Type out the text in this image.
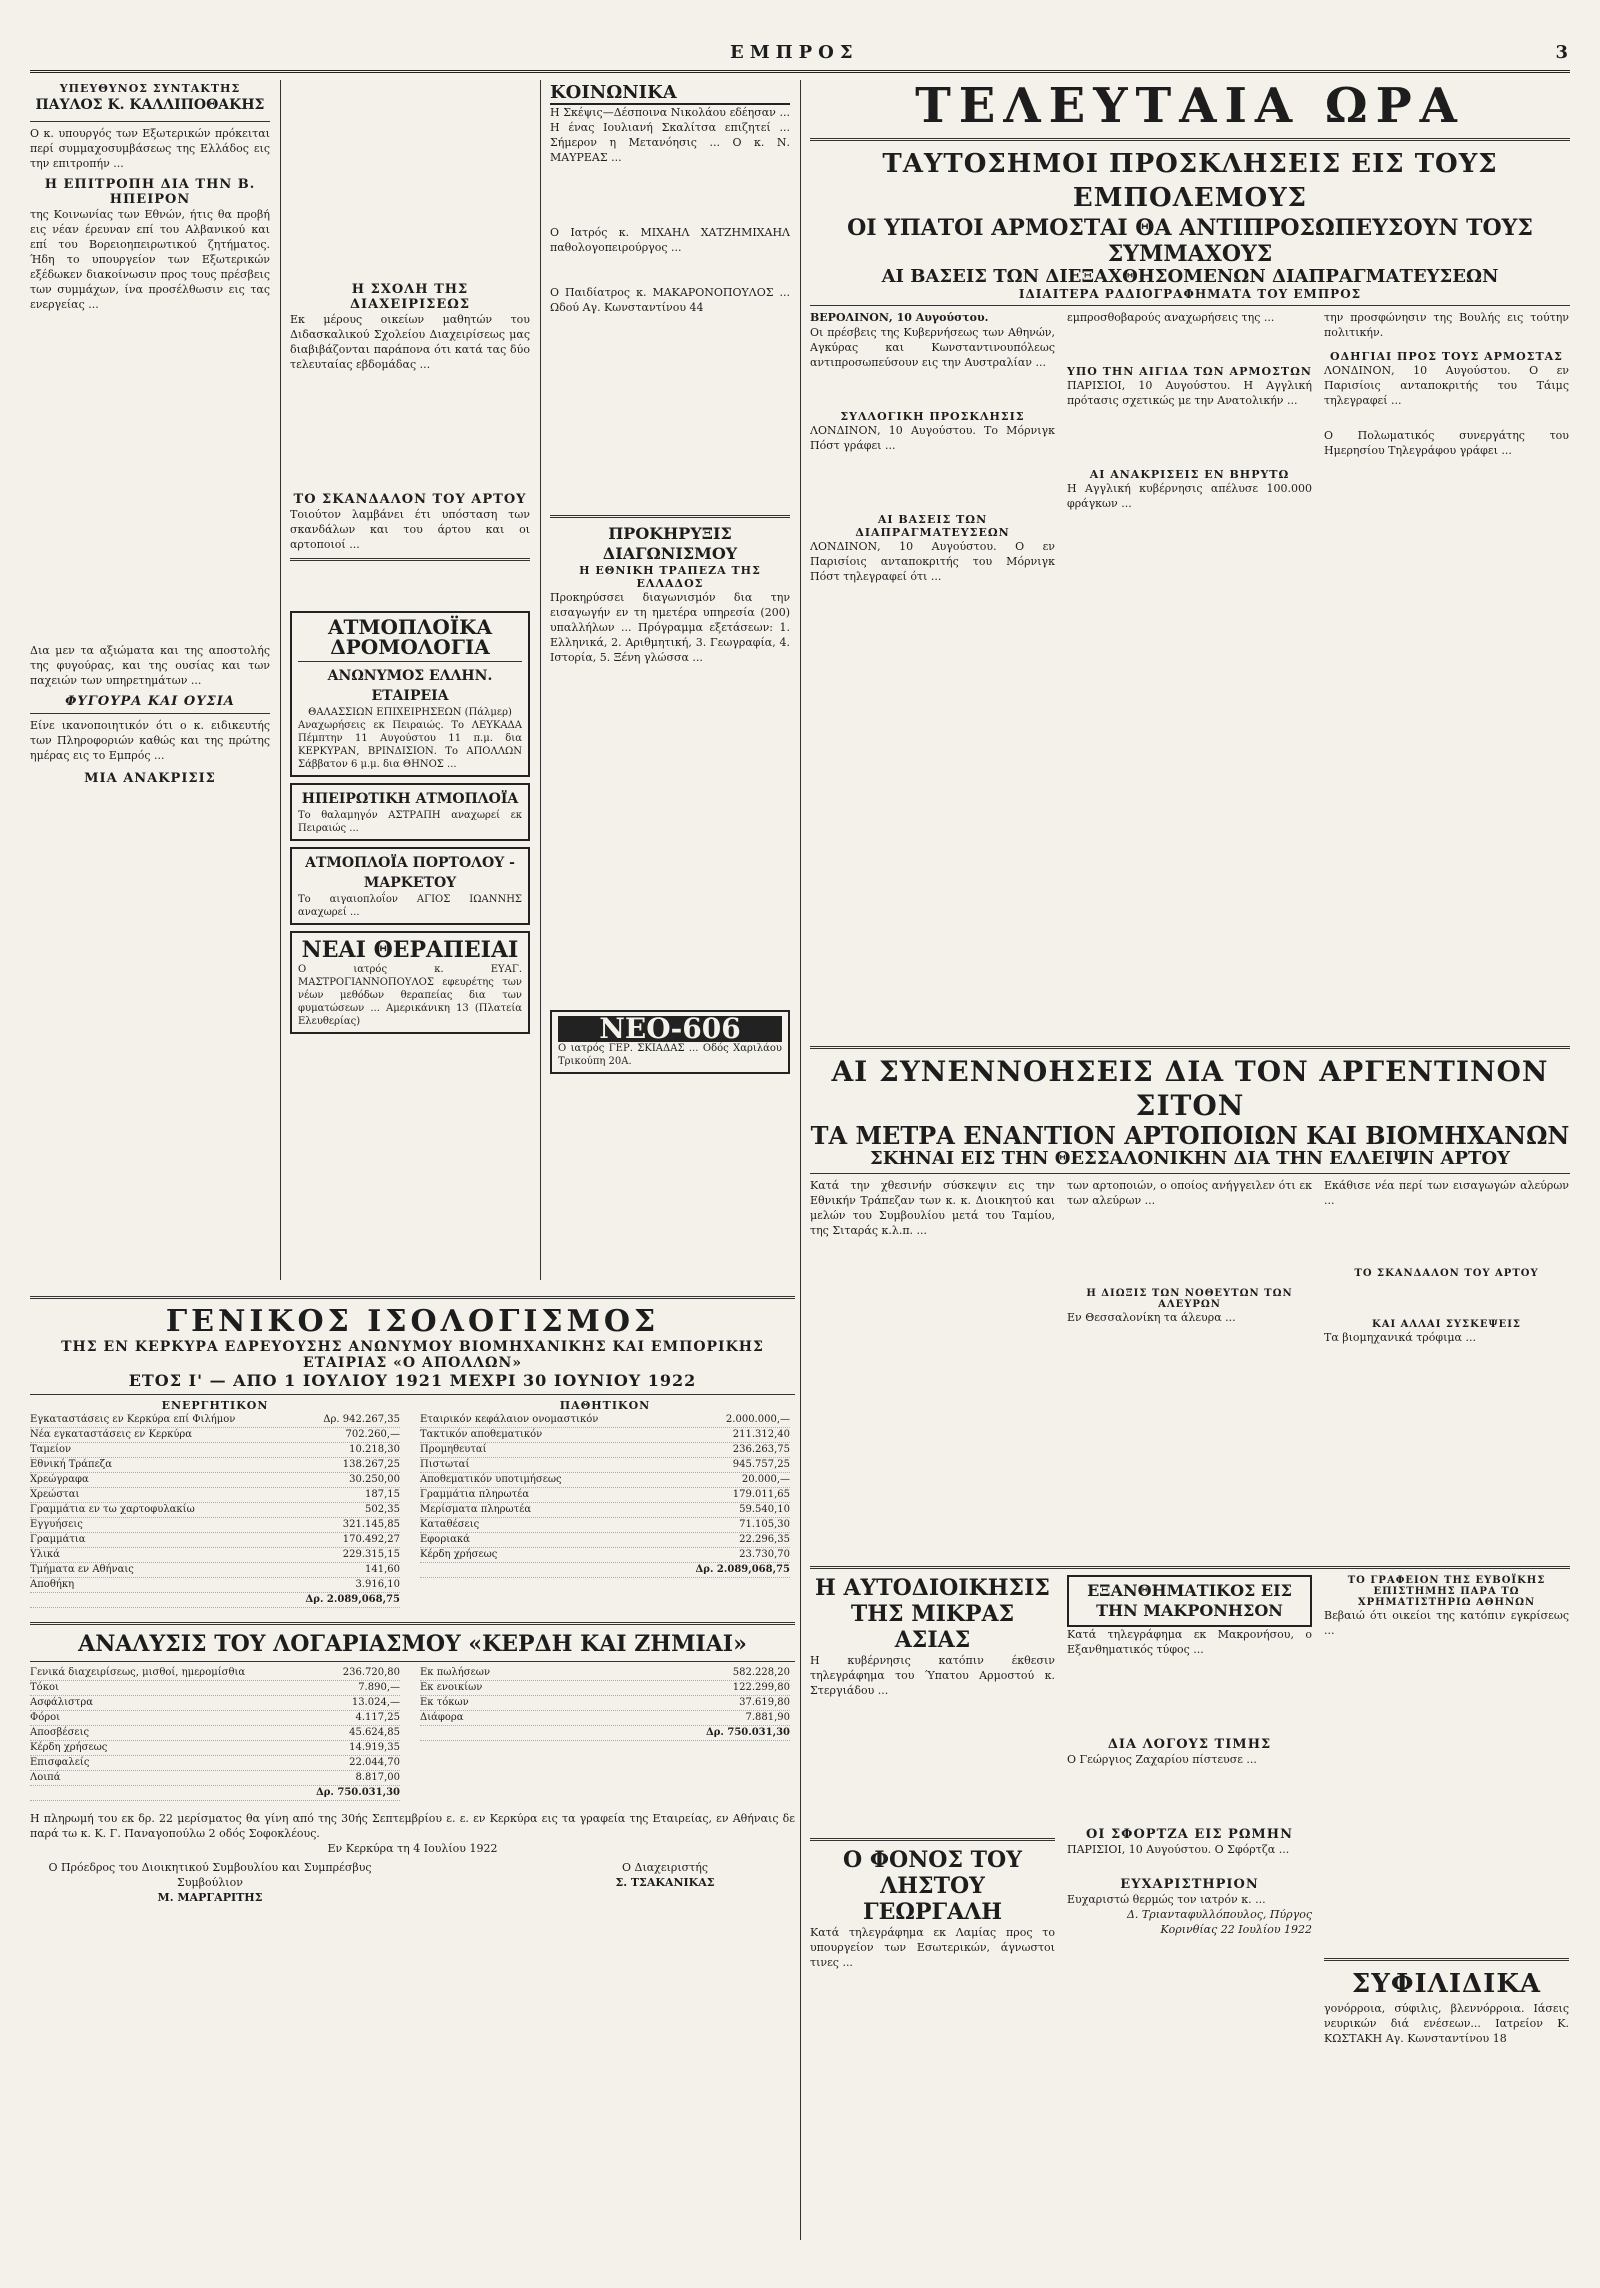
ΕΜΠΡΟΣ	3
ΥΠΕΥΘΥΝΟΣ ΣΥΝΤΑΚΤΗΣ
ΠΑΥΛΟΣ Κ. ΚΑΛΛΙΠΟΘΑΚΗΣ
Ο κ. υπουργός των Εξωτερικών πρόκειται περί συμμαχοσυμβάσεως της Ελλάδος εις την επιτροπήν ...
Η ΕΠΙΤΡΟΠΗ ΔΙΑ ΤΗΝ Β. ΗΠΕΙΡΟΝ
της Κοινωνίας των Εθνών, ήτις θα προβή εις νέαν έρευναν επί του Αλβανικού και επί του Βορειοηπειρωτικού ζητήματος. Ήδη το υπουργείον των Εξωτερικών εξέδωκεν διακοίνωσιν προς τους πρέσβεις των συμμάχων, ίνα προσέλθωσιν εις τας ενεργείας ...
Δια μεν τα αξιώματα και της αποστολής της φυγούρας, και της ουσίας και των παχειών των υπηρετημάτων ...
ΦΥΓΟΥΡΑ ΚΑΙ ΟΥΣΙΑ
Είνε ικανοποιητικόν ότι ο κ. ειδικευτής των Πληροφοριών καθώς και της πρώτης ημέρας εις το Εμπρός ...
ΜΙΑ ΑΝΑΚΡΙΣΙΣ
Η ΣΧΟΛΗ ΤΗΣ ΔΙΑΧΕΙΡΙΣΕΩΣ
Εκ μέρους οικείων μαθητών του Διδασκαλικού Σχολείου Διαχειρίσεως μας διαβιβάζονται παράπονα ότι κατά τας δύο τελευταίας εβδομάδας ...
ΤΟ ΣΚΑΝΔΑΛΟΝ ΤΟΥ ΑΡΤΟΥ
Τοιούτον λαμβάνει έτι υπόσταση των σκανδάλων και του άρτου και οι αρτοποιοί ...
ΑΤΜΟΠΛΟΪΚΑ ΔΡΟΜΟΛΟΓΙΑ
ΑΝΩΝΥΜΟΣ ΕΛΛΗΝ. ΕΤΑΙΡΕΙΑ
ΘΑΛΑΣΣΙΩΝ ΕΠΙΧΕΙΡΗΣΕΩΝ (Πάλμερ)
Αναχωρήσεις εκ Πειραιώς. Το ΛΕΥΚΑΔΑ Πέμπτην 11 Αυγούστου 11 π.μ. δια ΚΕΡΚΥΡΑΝ, ΒΡΙΝΔΙΣΙΟΝ. Το ΑΠΟΛΛΩΝ Σάββατον 6 μ.μ. δια ΘΗΝΟΣ ...
ΗΠΕΙΡΩΤΙΚΗ ΑΤΜΟΠΛΟΪΑ
Το θαλαμηγόν ΑΣΤΡΑΠΗ αναχωρεί εκ Πειραιώς ...
ΑΤΜΟΠΛΟΪΑ ΠΟΡΤΟΛΟΥ - ΜΑΡΚΕΤΟΥ
Το αιγαιοπλοΐον ΑΓΙΟΣ ΙΩΑΝΝΗΣ αναχωρεί ...
ΝΕΑΙ ΘΕΡΑΠΕΙΑΙ
Ο ιατρός κ. ΕΥΑΓ. ΜΑΣΤΡΟΓΙΑΝΝΟΠΟΥΛΟΣ εφευρέτης των νέων μεθόδων θεραπείας δια των φυματώσεων ... Αμερικάνικη 13 (Πλατεία Ελευθερίας)
ΚΟΙΝΩΝΙΚΑ
Η Σκέψις—Δέσποινα Νικολάου εδέησαν ... Η ένας Ιουλιανή Σκαλίτσα επιζητεί ... Σήμερον η Μετανόησις ... Ο κ. Ν. ΜΑΥΡΕΑΣ ...
Ο Ιατρός κ. ΜΙΧΑΗΛ ΧΑΤΖΗΜΙΧΑΗΛ παθολογοπειρούργος ...
Ο Παιδίατρος κ. ΜΑΚΑΡΟΝΟΠΟΥΛΟΣ ... Ωδού Αγ. Κωνσταντίνου 44
ΠΡΟΚΗΡΥΞΙΣ ΔΙΑΓΩΝΙΣΜΟΥ
Η ΕΘΝΙΚΗ ΤΡΑΠΕΖΑ ΤΗΣ ΕΛΛΑΔΟΣ
Προκηρύσσει διαγωνισμόν δια την εισαγωγήν εν τη ημετέρα υπηρεσία (200) υπαλλήλων ... Πρόγραμμα εξετάσεων: 1. Ελληνικά, 2. Αριθμητική, 3. Γεωγραφία, 4. Ιστορία, 5. Ξένη γλώσσα ...
ΝΕΟ-606
Ο ιατρός ΓΕΡ. ΣΚΙΑΔΑΣ ... Οδός Χαριλάου Τρικούπη 20Α.
ΤΕΛΕΥΤΑΙΑ ΩΡΑ
ΤΑΥΤΟΣΗΜΟΙ ΠΡΟΣΚΛΗΣΕΙΣ ΕΙΣ ΤΟΥΣ ΕΜΠΟΛΕΜΟΥΣ
ΟΙ ΥΠΑΤΟΙ ΑΡΜΟΣΤΑΙ ΘΑ ΑΝΤΙΠΡΟΣΩΠΕΥΣΟΥΝ ΤΟΥΣ ΣΥΜΜΑΧΟΥΣ
ΑΙ ΒΑΣΕΙΣ ΤΩΝ ΔΙΕΞΑΧΘΗΣΟΜΕΝΩΝ ΔΙΑΠΡΑΓΜΑΤΕΥΣΕΩΝ
ΙΔΙΑΙΤΕΡΑ ΡΑΔΙΟΓΡΑΦΗΜΑΤΑ ΤΟΥ ΕΜΠΡΟΣ
ΒΕΡΟΛΙΝΟΝ, 10 Αυγούστου.
Οι πρέσβεις της Κυβερνήσεως των Αθηνών, Αγκύρας και Κωνσταντινουπόλεως αντιπροσωπεύσουν εις την Αυστραλίαν ...
ΣΥΛΛΟΓΙΚΗ ΠΡΟΣΚΛΗΣΙΣ
ΛΟΝΔΙΝΟΝ, 10 Αυγούστου. Το Μόρνιγκ Πόστ γράφει ...
ΑΙ ΒΑΣΕΙΣ ΤΩΝ ΔΙΑΠΡΑΓΜΑΤΕΥΣΕΩΝ
ΛΟΝΔΙΝΟΝ, 10 Αυγούστου. Ο εν Παρισίοις ανταποκριτής του Μόρνιγκ Πόστ τηλεγραφεί ότι ...
εμπροσθοβαρούς αναχωρήσεις της ...
ΥΠΟ ΤΗΝ ΑΙΓΙΔΑ ΤΩΝ ΑΡΜΟΣΤΩΝ
ΠΑΡΙΣΙΟΙ, 10 Αυγούστου. Η Αγγλική πρότασις σχετικώς με την Ανατολικήν ...
ΑΙ ΑΝΑΚΡΙΣΕΙΣ ΕΝ ΒΗΡΥΤΩ
Η Αγγλική κυβέρνησις απέλυσε 100.000 φράγκων ...
την προσφώνησιν της Βουλής εις τούτην πολιτικήν.
ΟΔΗΓΙΑΙ ΠΡΟΣ ΤΟΥΣ ΑΡΜΟΣΤΑΣ
ΛΟΝΔΙΝΟΝ, 10 Αυγούστου. Ο εν Παρισίοις ανταποκριτής του Τάιμς τηλεγραφεί ...
Ο Πολωματικός συνεργάτης του Ημερησίου Τηλεγράφου γράφει ...
ΑΙ ΣΥΝΕΝΝΟΗΣΕΙΣ ΔΙΑ ΤΟΝ ΑΡΓΕΝΤΙΝΟΝ ΣΙΤΟΝ
ΤΑ ΜΕΤΡΑ ΕΝΑΝΤΙΟΝ ΑΡΤΟΠΟΙΩΝ ΚΑΙ ΒΙΟΜΗΧΑΝΩΝ
ΣΚΗΝΑΙ ΕΙΣ ΤΗΝ ΘΕΣΣΑΛΟΝΙΚΗΝ ΔΙΑ ΤΗΝ ΕΛΛΕΙΨΙΝ ΑΡΤΟΥ
Κατά την χθεσινήν σύσκεψιν εις την Εθνικήν Τράπεζαν των κ. κ. Διοικητού και μελών του Συμβουλίου μετά του Ταμίου, της Σιταράς κ.λ.π. ...
των αρτοποιών, ο οποίος ανήγγειλεν ότι εκ των αλεύρων ...
Η ΔΙΩΞΙΣ ΤΩΝ ΝΟΘΕΥΤΩΝ ΤΩΝ ΑΛΕΥΡΩΝ
Εν Θεσσαλονίκη τα άλευρα ...
Εκάθισε νέα περί των εισαγωγών αλεύρων ...
ΤΟ ΣΚΑΝΔΑΛΟΝ ΤΟΥ ΑΡΤΟΥ
ΚΑΙ ΑΛΛΑΙ ΣΥΣΚΕΨΕΙΣ
Τα βιομηχανικά τρόφιμα ...
ΓΕΝΙΚΟΣ ΙΣΟΛΟΓΙΣΜΟΣ
ΤΗΣ ΕΝ ΚΕΡΚΥΡΑ ΕΔΡΕΥΟΥΣΗΣ ΑΝΩΝΥΜΟΥ ΒΙΟΜΗΧΑΝΙΚΗΣ ΚΑΙ ΕΜΠΟΡΙΚΗΣ ΕΤΑΙΡΙΑΣ «Ο ΑΠΟΛΛΩΝ»
ΕΤΟΣ Ι' — ΑΠΟ 1 ΙΟΥΛΙΟΥ 1921 ΜΕΧΡΙ 30 ΙΟΥΝΙΟΥ 1922
ΕΝΕΡΓΗΤΙΚΟΝ
Εγκαταστάσεις εν Κερκύρα επί Φιλήμον	Δρ. 942.267,35
Νέα εγκαταστάσεις εν Κερκύρα	702.260,—
Ταμείον	10.218,30
Εθνική Τράπεζα	138.267,25
Χρεώγραφα	30.250,00
Χρεώσται	187,15
Γραμμάτια εν τω χαρτοφυλακίω	502,35
Εγγυήσεις	321.145,85
Γραμμάτια	170.492,27
Υλικά	229.315,15
Τμήματα εν Αθήναις	141,60
Αποθήκη	3.916,10
Δρ. 2.089,068,75
ΠΑΘΗΤΙΚΟΝ
Εταιρικόν κεφάλαιον ονομαστικόν	2.000.000,—
Τακτικόν αποθεματικόν	211.312,40
Προμηθευταί	236.263,75
Πιστωταί	945.757,25
Αποθεματικόν υποτιμήσεως	20.000,—
Γραμμάτια πληρωτέα	179.011,65
Μερίσματα πληρωτέα	59.540,10
Καταθέσεις	71.105,30
Εφοριακά	22.296,35
Κέρδη χρήσεως	23.730,70
Δρ. 2.089,068,75
ΑΝΑΛΥΣΙΣ ΤΟΥ ΛΟΓΑΡΙΑΣΜΟΥ «ΚΕΡΔΗ ΚΑΙ ΖΗΜΙΑΙ»
Γενικά διαχειρίσεως, μισθοί, ημερομίσθια	236.720,80
Τόκοι	7.890,—
Ασφάλιστρα	13.024,—
Φόροι	4.117,25
Αποσβέσεις	45.624,85
Κέρδη χρήσεως	14.919,35
Επισφαλείς	22.044,70
Λοιπά	8.817,00
Δρ. 750.031,30
Εκ πωλήσεων	582.228,20
Εκ ενοικίων	122.299,80
Εκ τόκων	37.619,80
Διάφορα	7.881,90
Δρ. 750.031,30
Η πληρωμή του εκ δρ. 22 μερίσματος θα γίνη από της 30ής Σεπτεμβρίου ε. ε. εν Κερκύρα εις τα γραφεία της Εταιρείας, εν Αθήναις δε παρά τω κ. Κ. Γ. Παναγοπούλω 2 οδός Σοφοκλέους.
Εν Κερκύρα τη 4 Ιουλίου 1922
Ο Πρόεδρος του Διοικητικού Συμβουλίου και Συμπρέσβυς Συμβούλιον
Μ. ΜΑΡΓΑΡΙΤΗΣ
Ο Διαχειριστής
Σ. ΤΣΑΚΑΝΙΚΑΣ
Η ΑΥΤΟΔΙΟΙΚΗΣΙΣ ΤΗΣ ΜΙΚΡΑΣ ΑΣΙΑΣ
Η κυβέρνησις κατόπιν έκθεσιν τηλεγράφημα του Ύπατου Αρμοστού κ. Στεργιάδου ...
Ο ΦΟΝΟΣ ΤΟΥ ΛΗΣΤΟΥ ΓΕΩΡΓΑΛΗ
Κατά τηλεγράφημα εκ Λαμίας προς το υπουργείον των Εσωτερικών, άγνωστοι τινες ...
ΕΞΑΝΘΗΜΑΤΙΚΟΣ ΕΙΣ ΤΗΝ ΜΑΚΡΟΝΗΣΟΝ
Κατά τηλεγράφημα εκ Μακρονήσου, ο Εξανθηματικός τύφος ...
ΔΙΑ ΛΟΓΟΥΣ ΤΙΜΗΣ
Ο Γεώργιος Ζαχαρίου πίστευσε ...
ΟΙ ΣΦΟΡΤΖΑ ΕΙΣ ΡΩΜΗΝ
ΠΑΡΙΣΙΟΙ, 10 Αυγούστου. Ο Σφόρτζα ...
ΕΥΧΑΡΙΣΤΗΡΙΟΝ
Ευχαριστώ θερμώς τον ιατρόν κ. ...
Δ. Τριανταφυλλόπουλος, Πύργος Κορινθίας 22 Ιουλίου 1922
ΤΟ ΓΡΑΦΕΙΟΝ ΤΗΣ ΕΥΒΟΪΚΗΣ ΕΠΙΣΤΗΜΗΣ ΠΑΡΑ ΤΩ ΧΡΗΜΑΤΙΣΤΗΡΙΩ ΑΘΗΝΩΝ
Βεβαιώ ότι οικείοι της κατόπιν εγκρίσεως ...
ΣΥΦΙΛΙΔΙΚΑ
γονόρροια, σύφιλις, βλεννόρροια. Ιάσεις νευρικών διά ενέσεων... Ιατρείον Κ. ΚΩΣΤΑΚΗ Αγ. Κωνσταντίνου 18
